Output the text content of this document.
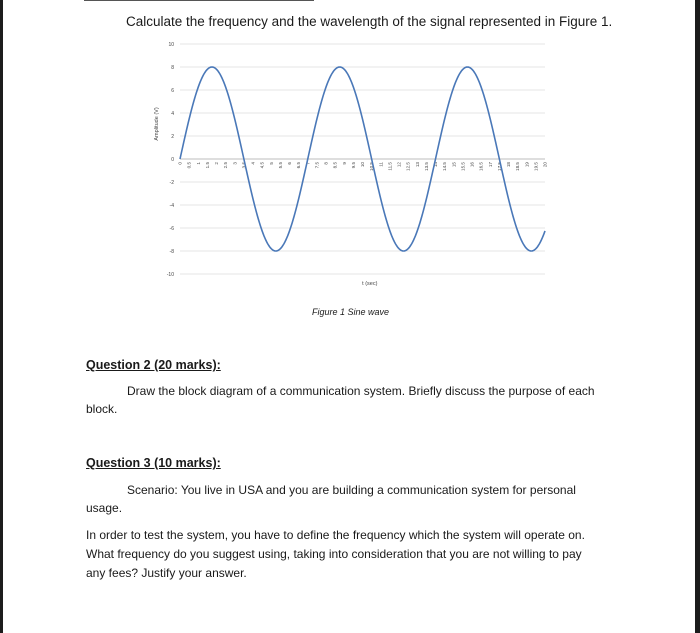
Calculate the frequency and the wavelength of the signal represented in Figure 1.

10
8
6
4
2
0
-2
-4
-6
-8
-10
0 0.5 1 1.5 2 2.5 3 3.5 4 4.5 5 5.5 6 6.5 7 7.5 8 8.5 9 9.5 10 10.5 11 11.5 12 12.5 13 13.5 14 14.5 15 15.5 16 16.5 17 17.5 18 18.5 19 19.5 20
Amplitude (V)
t (sec)
Figure 1 Sine wave
Question 2 (20 marks):

Draw the block diagram of a communication system. Briefly discuss the purpose of each

block.

Question 3 (10 marks):

Scenario: You live in USA and you are building a communication system for personal

usage.

In order to test the system, you have to define the frequency which the system will operate on.

What frequency do you suggest using, taking into consideration that you are not willing to pay

any fees? Justify your answer.
